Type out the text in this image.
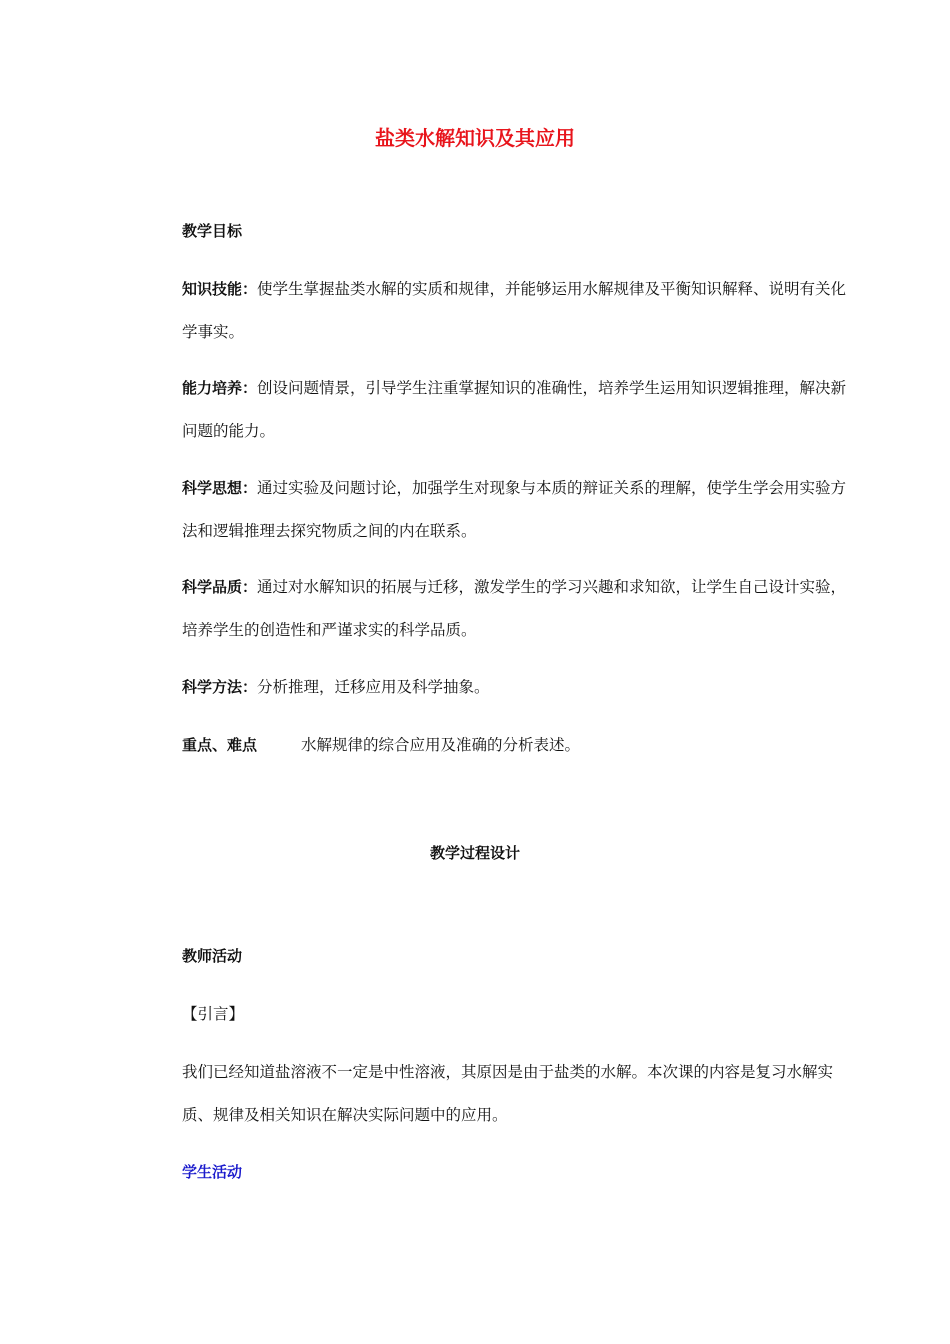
盐类水解知识及其应用

教学目标

知识技能：使学生掌握盐类水解的实质和规律，并能够运用水解规律及平衡知识解释、说明有关化学事实。

能力培养：创设问题情景，引导学生注重掌握知识的准确性，培养学生运用知识逻辑推理，解决新问题的能力。

科学思想：通过实验及问题讨论，加强学生对现象与本质的辩证关系的理解，使学生学会用实验方法和逻辑推理去探究物质之间的内在联系。

科学品质：通过对水解知识的拓展与迁移，激发学生的学习兴趣和求知欲，让学生自己设计实验，培养学生的创造性和严谨求实的科学品质。

科学方法：分析推理，迁移应用及科学抽象。

重点、难点	水解规律的综合应用及准确的分析表述。

教学过程设计

教师活动

【引言】

我们已经知道盐溶液不一定是中性溶液，其原因是由于盐类的水解。本次课的内容是复习水解实质、规律及相关知识在解决实际问题中的应用。

学生活动
